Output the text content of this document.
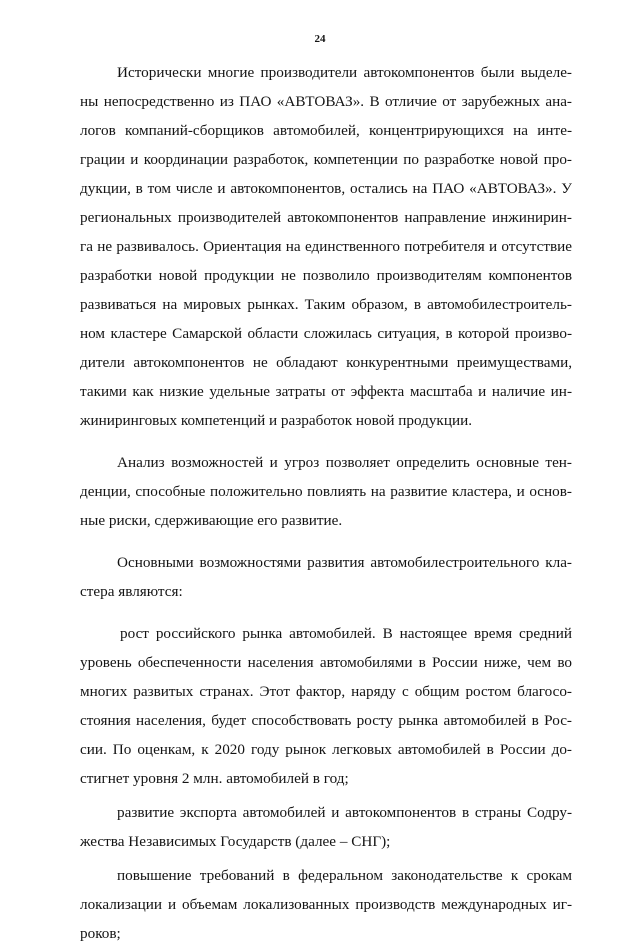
24
Исторически многие производители автокомпонентов были выделе-
ны непосредственно из ПАО «АВТОВАЗ». В отличие от зарубежных ана-
логов компаний-сборщиков автомобилей, концентрирующихся на инте-
грации и координации разработок, компетенции по разработке новой про-
дукции, в том числе и автокомпонентов, остались на ПАО «АВТОВАЗ». У
региональных производителей автокомпонентов направление инжинирин-
га не развивалось. Ориентация на единственного потребителя и отсутствие
разработки новой продукции не позволило производителям компонентов
развиваться на мировых рынках. Таким образом, в автомобилестроитель-
ном кластере Самарской области сложилась ситуация, в которой произво-
дители автокомпонентов не обладают конкурентными преимуществами,
такими как низкие удельные затраты от эффекта масштаба и наличие ин-
жиниринговых компетенций и разработок новой продукции.
Анализ возможностей и угроз позволяет определить основные тен-
денции, способные положительно повлиять на развитие кластера, и основ-
ные риски, сдерживающие его развитие.
Основными возможностями развития автомобилестроительного кла-
стера являются:
рост российского рынка автомобилей. В настоящее время средний
уровень обеспеченности населения автомобилями в России ниже, чем во
многих развитых странах. Этот фактор, наряду с общим ростом благосо-
стояния населения, будет способствовать росту рынка автомобилей в Рос-
сии. По оценкам, к 2020 году рынок легковых автомобилей в России до-
стигнет уровня 2 млн. автомобилей в год;
развитие экспорта автомобилей и автокомпонентов в страны Содру-
жества Независимых Государств (далее – СНГ);
повышение требований в федеральном законодательстве к срокам
локализации и объемам локализованных производств международных иг-
роков;
